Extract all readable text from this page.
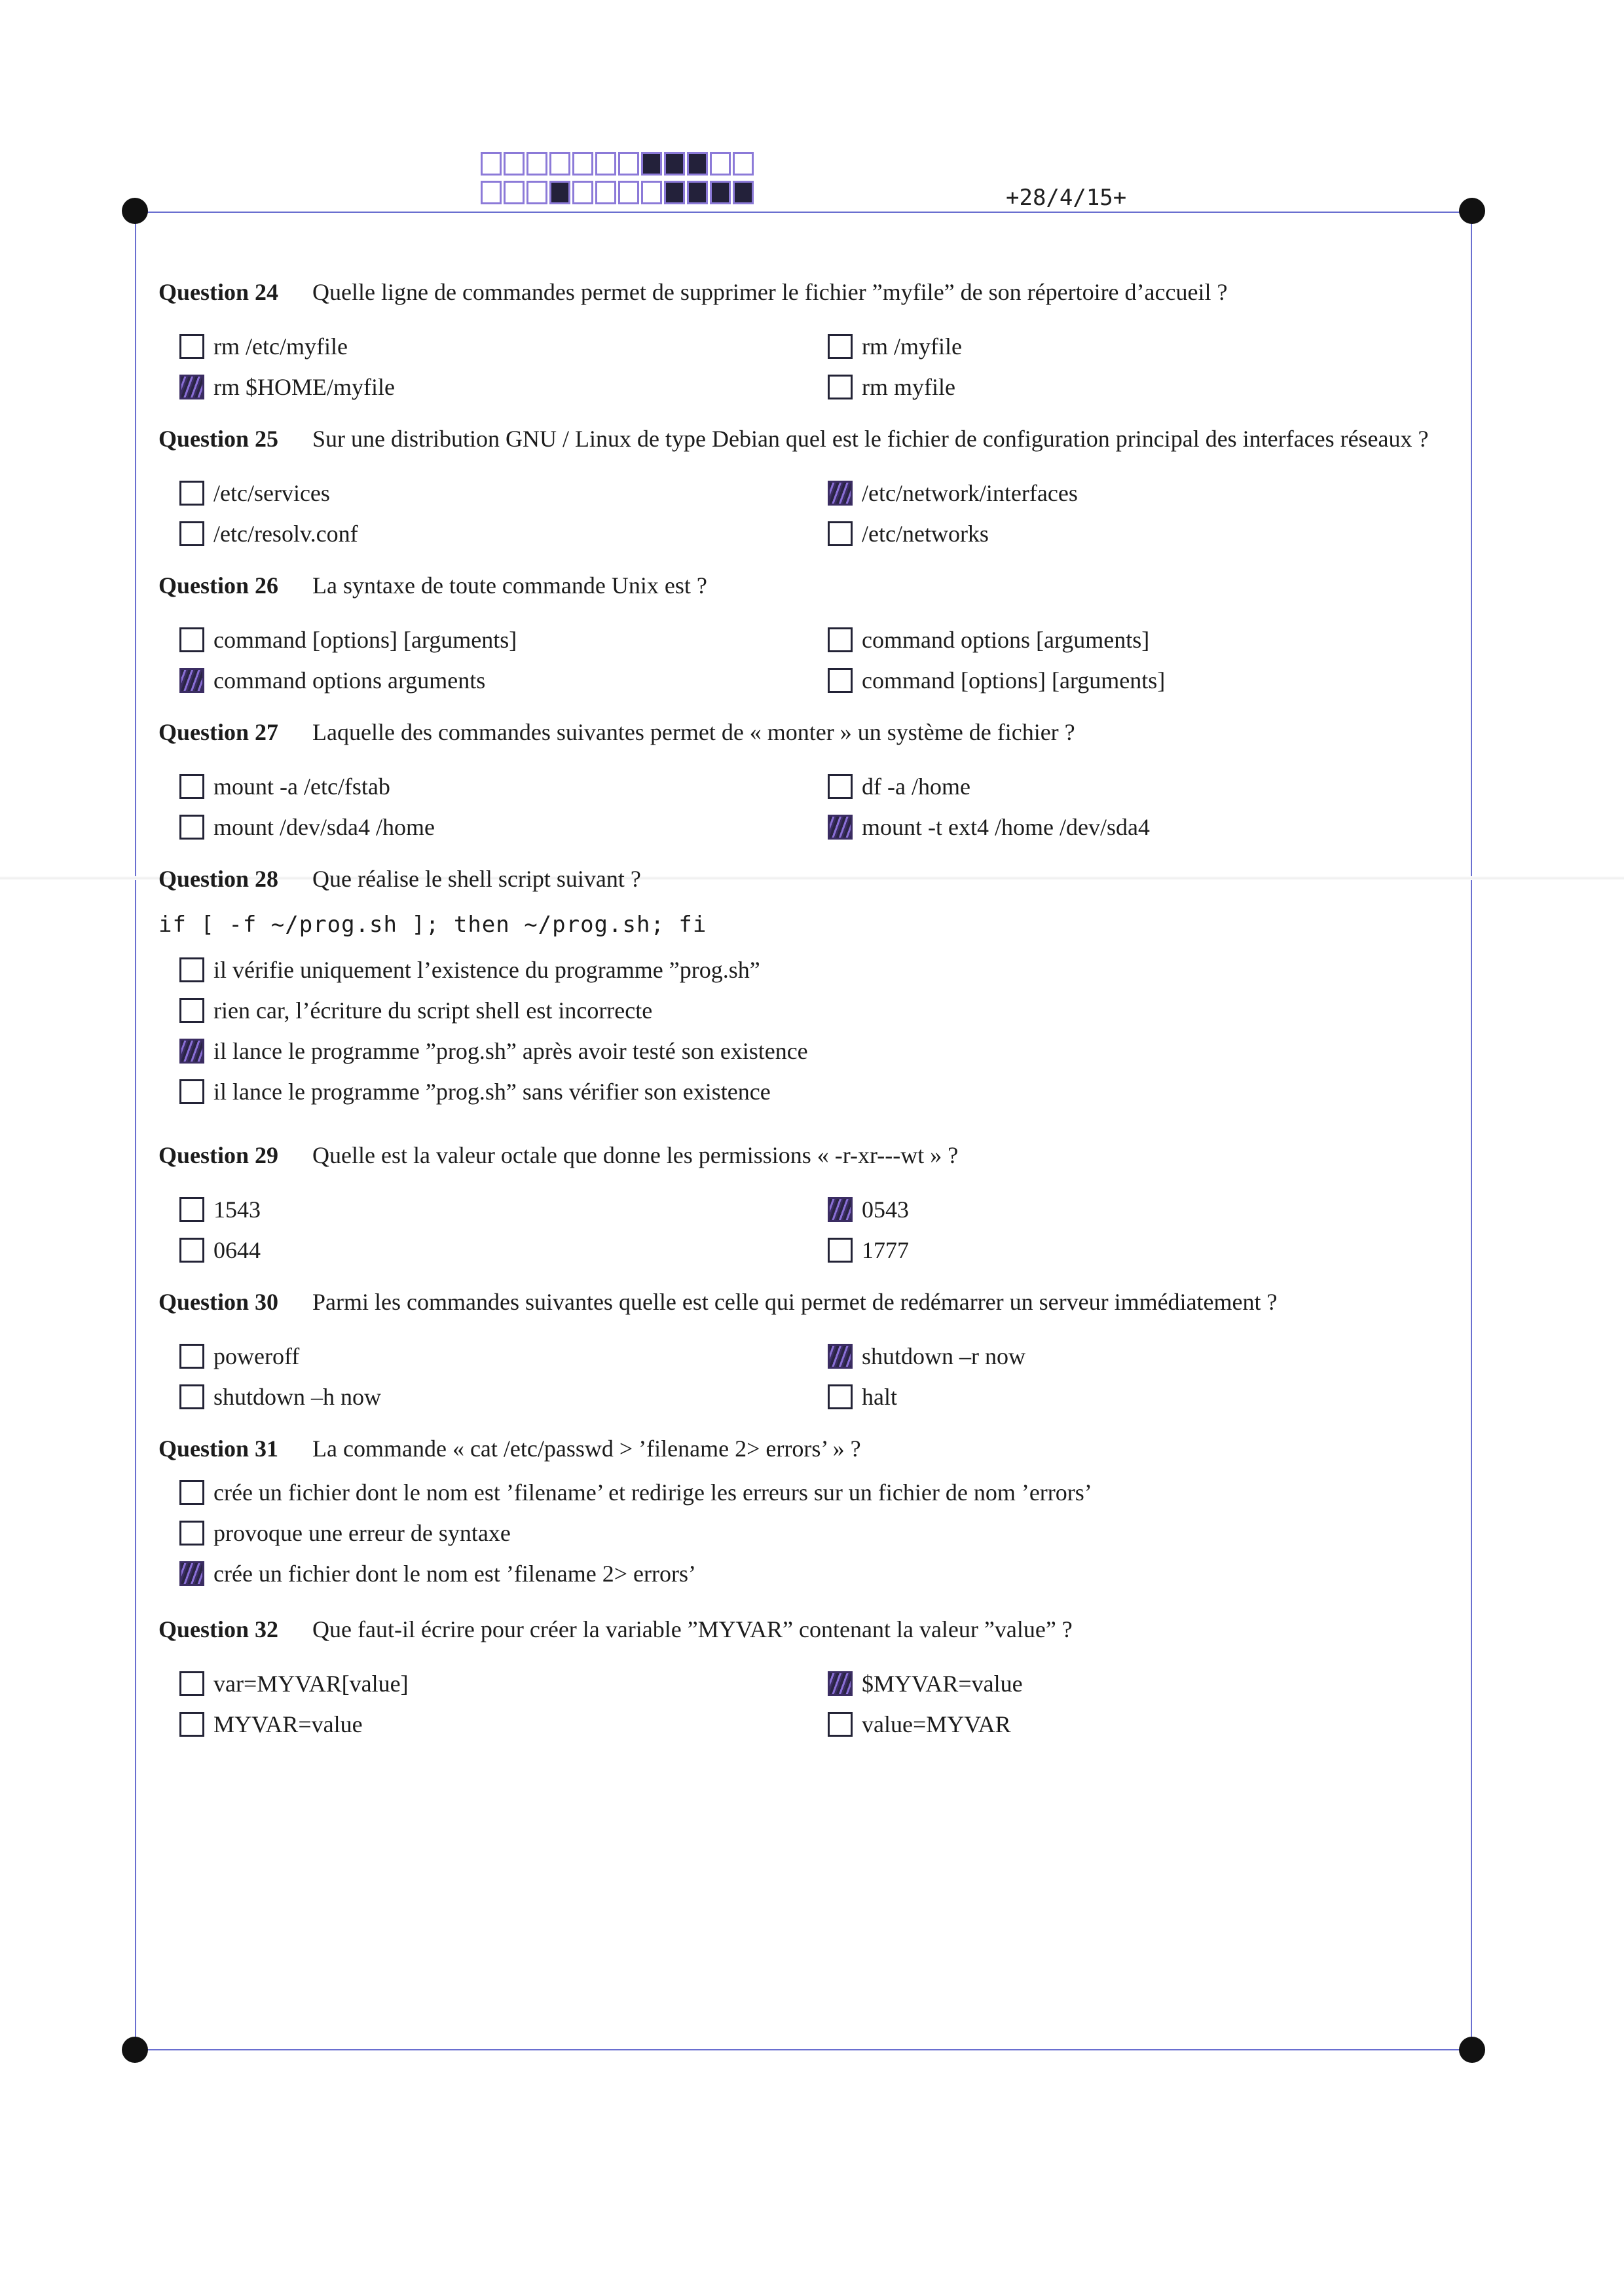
+28/4/15+
Question 24 Quelle ligne de commandes permet de supprimer le fichier ”myfile” de son répertoire d’accueil ?
rm /etc/myfile	rm /myfile
rm $HOME/myfile	rm myfile
Question 25 Sur une distribution GNU / Linux de type Debian quel est le fichier de configuration principal des interfaces réseaux ?
/etc/services	/etc/network/interfaces
/etc/resolv.conf	/etc/networks
Question 26 La syntaxe de toute commande Unix est ?
command [options] [arguments]	command options [arguments]
command options arguments	command [options] [arguments]
Question 27 Laquelle des commandes suivantes permet de « monter » un système de fichier ?
mount -a /etc/fstab	df -a /home
mount /dev/sda4 /home	mount -t ext4 /home /dev/sda4
Question 28 Que réalise le shell script suivant ?
if [ -f ~/prog.sh ]; then ~/prog.sh; fi
il vérifie uniquement l’existence du programme ”prog.sh”
rien car, l’écriture du script shell est incorrecte
il lance le programme ”prog.sh” après avoir testé son existence
il lance le programme ”prog.sh” sans vérifier son existence
Question 29 Quelle est la valeur octale que donne les permissions « -r-xr---wt » ?
1543	0543
0644	1777
Question 30 Parmi les commandes suivantes quelle est celle qui permet de redémarrer un serveur immédiatement ?
poweroff	shutdown –r now
shutdown –h now	halt
Question 31 La commande « cat /etc/passwd > ’filename 2> errors’ » ?
crée un fichier dont le nom est ’filename’ et redirige les erreurs sur un fichier de nom ’errors’
provoque une erreur de syntaxe
crée un fichier dont le nom est ’filename 2> errors’
Question 32 Que faut-il écrire pour créer la variable ”MYVAR” contenant la valeur ”value” ?
var=MYVAR[value]	$MYVAR=value
MYVAR=value	value=MYVAR
